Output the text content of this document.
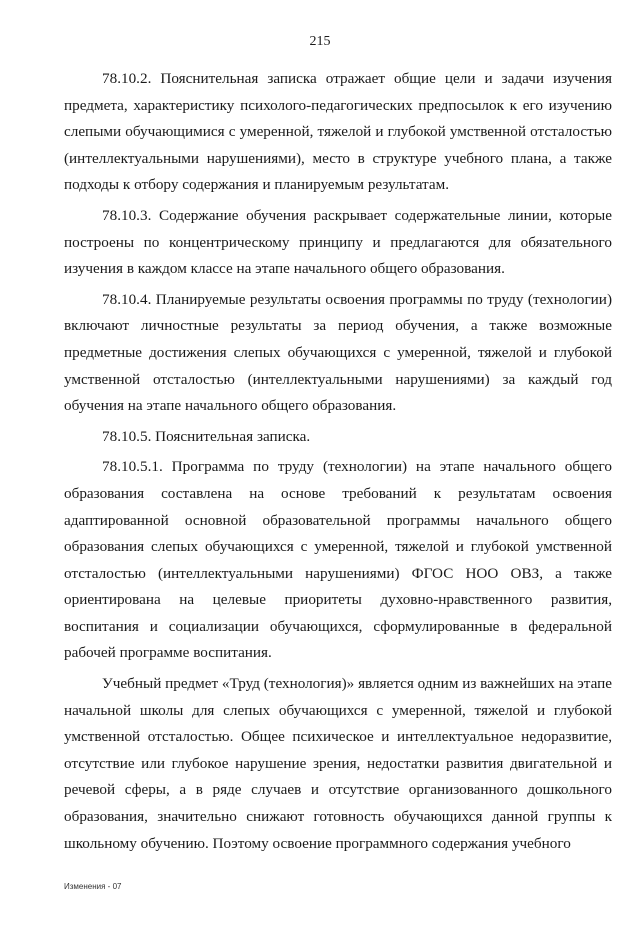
215

78.10.2. Пояснительная записка отражает общие цели и задачи изучения предмета, характеристику психолого-педагогических предпосылок к его изучению слепыми обучающимися с умеренной, тяжелой и глубокой умственной отсталостью (интеллектуальными нарушениями), место в структуре учебного плана, а также подходы к отбору содержания и планируемым результатам.

78.10.3. Содержание обучения раскрывает содержательные линии, которые построены по концентрическому принципу и предлагаются для обязательного изучения в каждом классе на этапе начального общего образования.

78.10.4. Планируемые результаты освоения программы по труду (технологии) включают личностные результаты за период обучения, а также возможные предметные достижения слепых обучающихся с умеренной, тяжелой и глубокой умственной отсталостью (интеллектуальными нарушениями) за каждый год обучения на этапе начального общего образования.

78.10.5. Пояснительная записка.

78.10.5.1. Программа по труду (технологии) на этапе начального общего образования составлена на основе требований к результатам освоения адаптированной основной образовательной программы начального общего образования слепых обучающихся с умеренной, тяжелой и глубокой умственной отсталостью (интеллектуальными нарушениями) ФГОС НОО ОВЗ, а также ориентирована на целевые приоритеты духовно-нравственного развития, воспитания и социализации обучающихся, сформулированные в федеральной рабочей программе воспитания.

Учебный предмет «Труд (технология)» является одним из важнейших на этапе начальной школы для слепых обучающихся с умеренной, тяжелой и глубокой умственной отсталостью. Общее психическое и интеллектуальное недоразвитие, отсутствие или глубокое нарушение зрения, недостатки развития двигательной и речевой сферы, а в ряде случаев и отсутствие организованного дошкольного образования, значительно снижают готовность обучающихся данной группы к школьному обучению. Поэтому освоение программного содержания учебного

Изменения - 07
